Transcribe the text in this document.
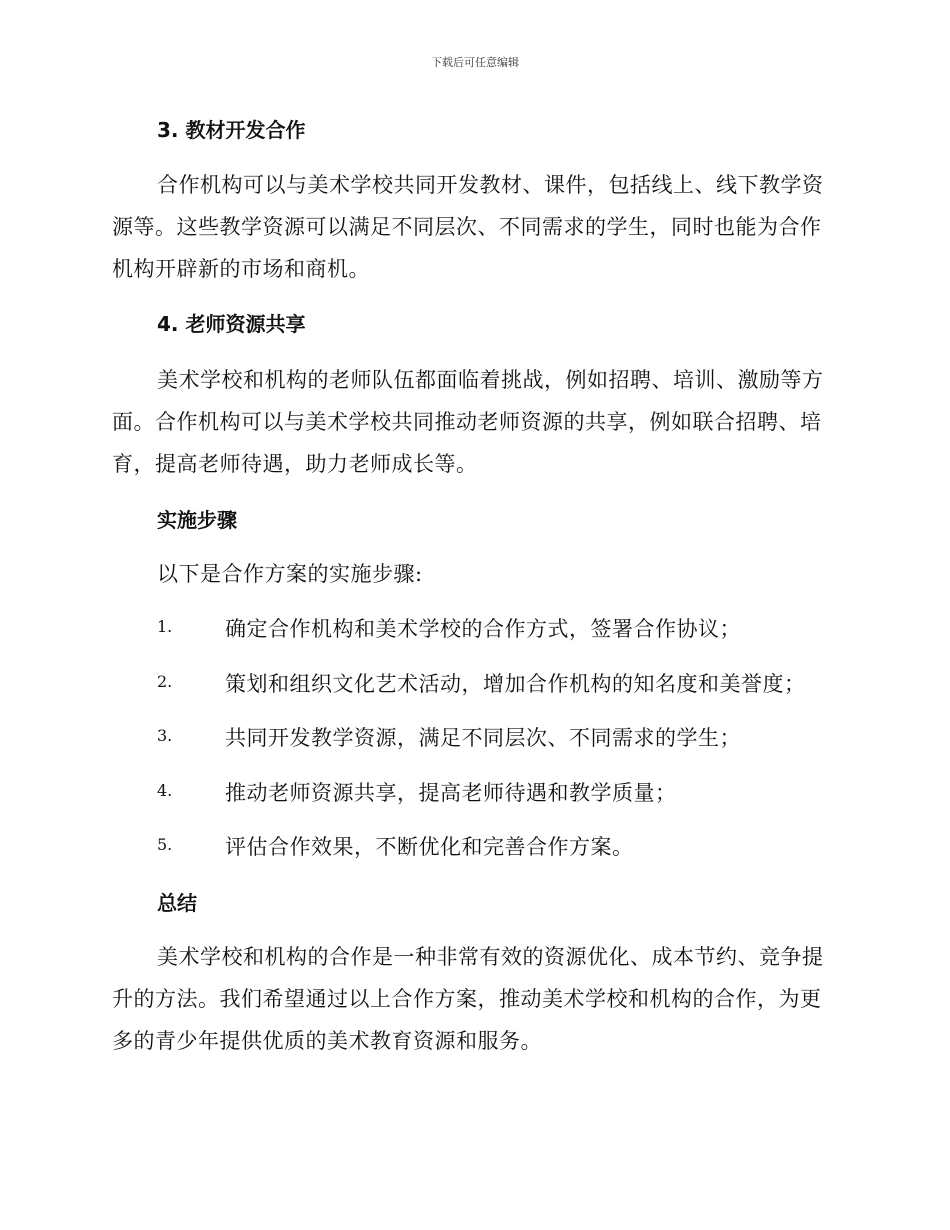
下载后可任意编辑
3. 教材开发合作
合作机构可以与美术学校共同开发教材、课件，包括线上、线下教学资
源等。这些教学资源可以满足不同层次、不同需求的学生，同时也能为合作
机构开辟新的市场和商机。
4. 老师资源共享
美术学校和机构的老师队伍都面临着挑战，例如招聘、培训、激励等方
面。合作机构可以与美术学校共同推动老师资源的共享，例如联合招聘、培
育，提高老师待遇，助力老师成长等。
实施步骤
以下是合作方案的实施步骤:
1.	确定合作机构和美术学校的合作方式，签署合作协议；
2.	策划和组织文化艺术活动，增加合作机构的知名度和美誉度；
3.	共同开发教学资源，满足不同层次、不同需求的学生；
4.	推动老师资源共享，提高老师待遇和教学质量；
5.	评估合作效果，不断优化和完善合作方案。
总结
美术学校和机构的合作是一种非常有效的资源优化、成本节约、竞争提
升的方法。我们希望通过以上合作方案，推动美术学校和机构的合作，为更
多的青少年提供优质的美术教育资源和服务。
